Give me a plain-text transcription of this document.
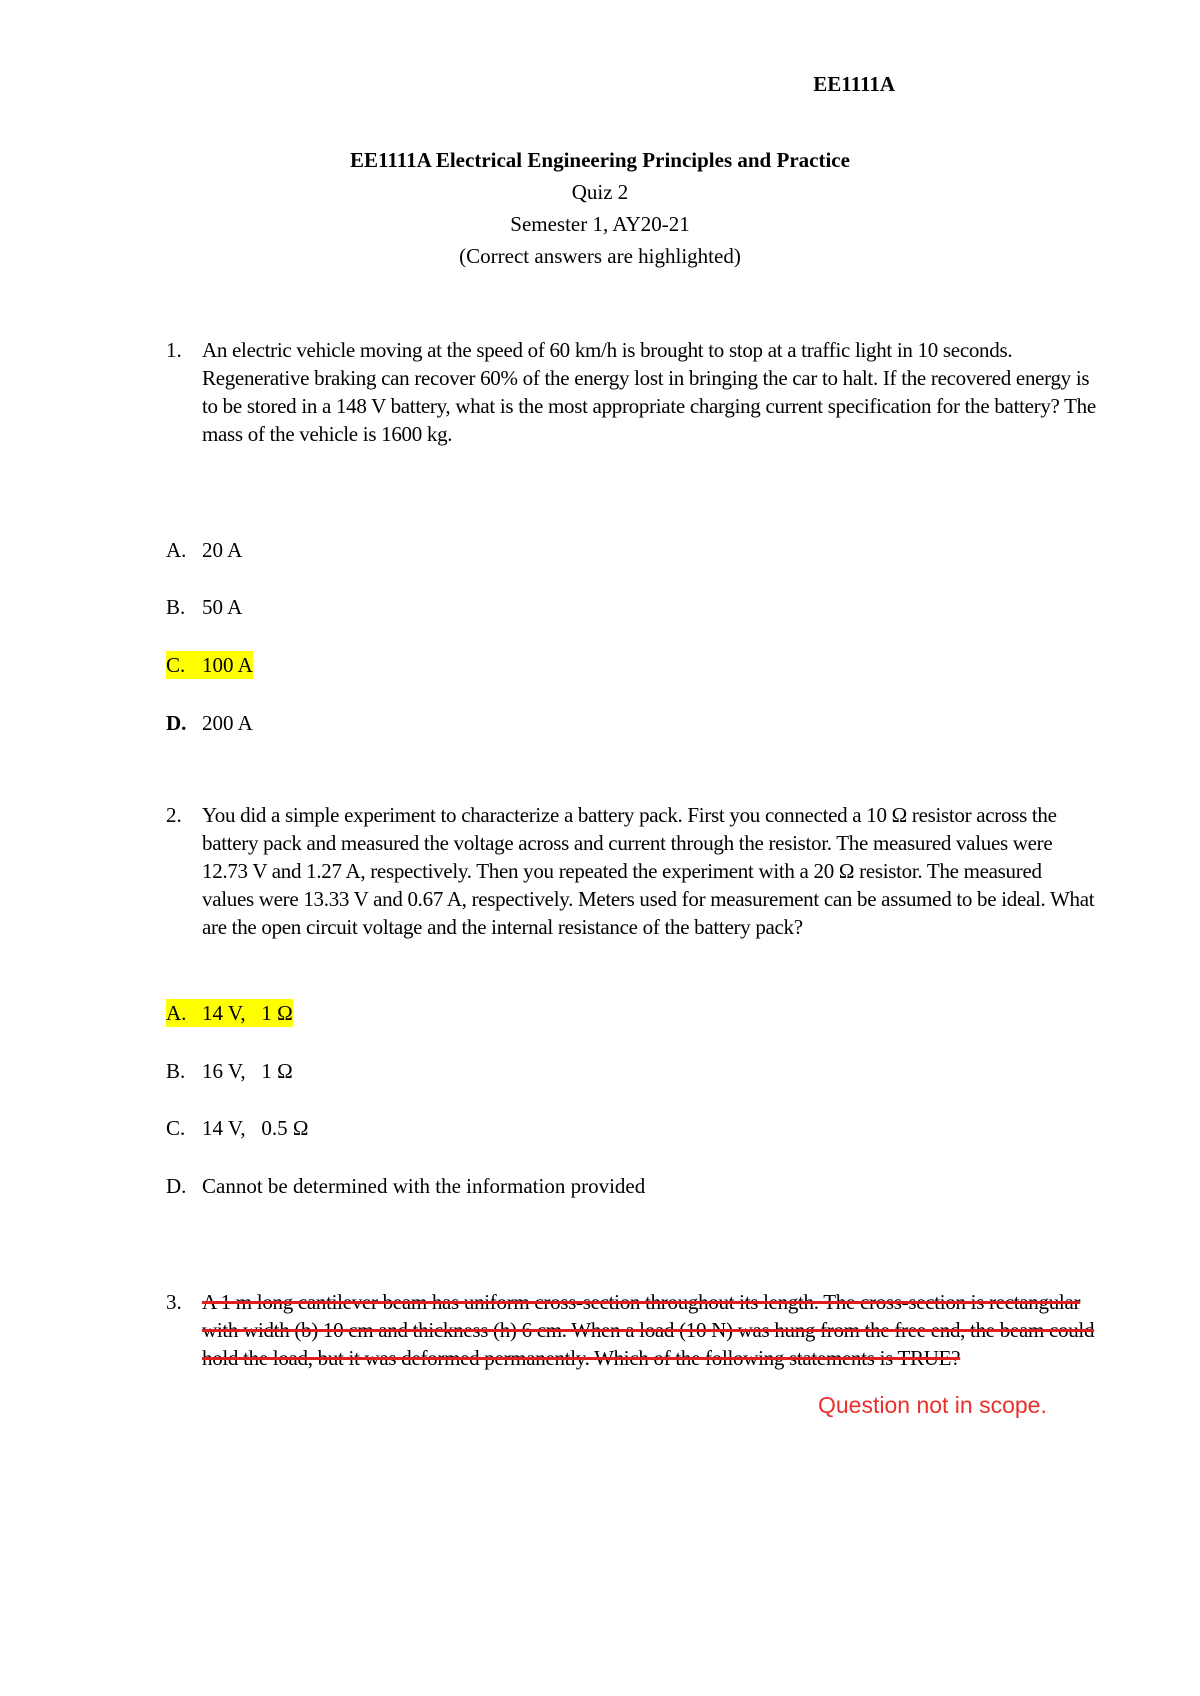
EE1111A

EE1111A Electrical Engineering Principles and Practice

Quiz 2

Semester 1, AY20-21

(Correct answers are highlighted)

1. An electric vehicle moving at the speed of 60 km/h is brought to stop at a traffic light in 10 seconds. Regenerative braking can recover 60% of the energy lost in bringing the car to halt. If the recovered energy is to be stored in a 148 V battery, what is the most appropriate charging current specification for the battery? The mass of the vehicle is 1600 kg.
A. 20 A
B. 50 A
C. 100 A
D. 200 A
2. You did a simple experiment to characterize a battery pack. First you connected a 10 Ω resistor across the battery pack and measured the voltage across and current through the resistor. The measured values were 12.73 V and 1.27 A, respectively. Then you repeated the experiment with a 20 Ω resistor. The measured values were 13.33 V and 0.67 A, respectively. Meters used for measurement can be assumed to be ideal. What are the open circuit voltage and the internal resistance of the battery pack?
A. 14 V,   1 Ω
B. 16 V,   1 Ω
C. 14 V,   0.5 Ω
D. Cannot be determined with the information provided
3. A 1 m long cantilever beam has uniform cross-section throughout its length. The cross-section is rectangular with width (b) 10 cm and thickness (h) 6 cm. When a load (10 N) was hung from the free end, the beam could hold the load, but it was deformed permanently. Which of the following statements is TRUE?
Question not in scope.
